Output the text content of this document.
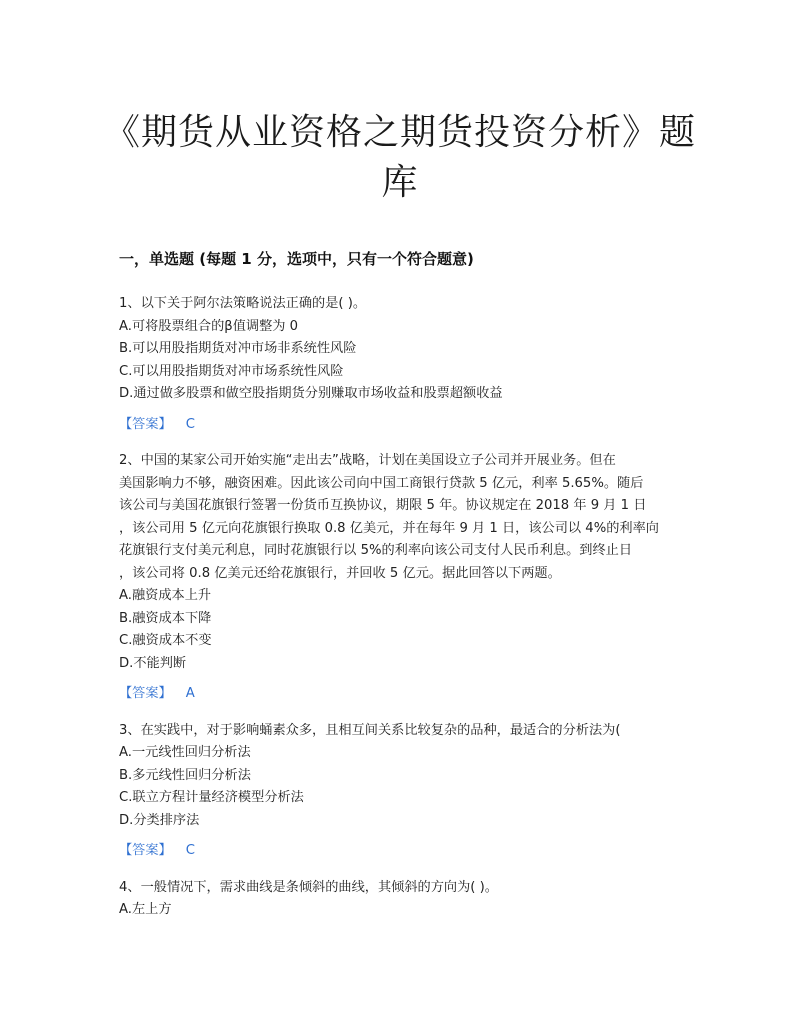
《期货从业资格之期货投资分析》题
库
一，单选题 (每题 1 分，选项中，只有一个符合题意)
1、以下关于阿尔法策略说法正确的是( )。
A.可将股票组合的β值调整为 0
B.可以用股指期货对冲市场非系统性风险
C.可以用股指期货对冲市场系统性风险
D.通过做多股票和做空股指期货分别赚取市场收益和股票超额收益
【答案】 C
2、中国的某家公司开始实施“走出去”战略，计划在美国设立子公司并开展业务。但在
美国影响力不够，融资困难。因此该公司向中国工商银行贷款 5 亿元，利率 5.65%。随后
该公司与美国花旗银行签署一份货币互换协议，期限 5 年。协议规定在 2018 年 9 月 1 日
，该公司用 5 亿元向花旗银行换取 0.8 亿美元，并在每年 9 月 1 日，该公司以 4%的利率向
花旗银行支付美元利息，同时花旗银行以 5%的利率向该公司支付人民币利息。到终止日
，该公司将 0.8 亿美元还给花旗银行，并回收 5 亿元。据此回答以下两题。
A.融资成本上升
B.融资成本下降
C.融资成本不变
D.不能判断
【答案】 A
3、在实践中，对于影响蛹素众多，且相互间关系比较复杂的品种，最适合的分析法为(
A.一元线性回归分析法
B.多元线性回归分析法
C.联立方程计量经济模型分析法
D.分类排序法
【答案】 C
4、一般情况下，需求曲线是条倾斜的曲线，其倾斜的方向为( )。
A.左上方
